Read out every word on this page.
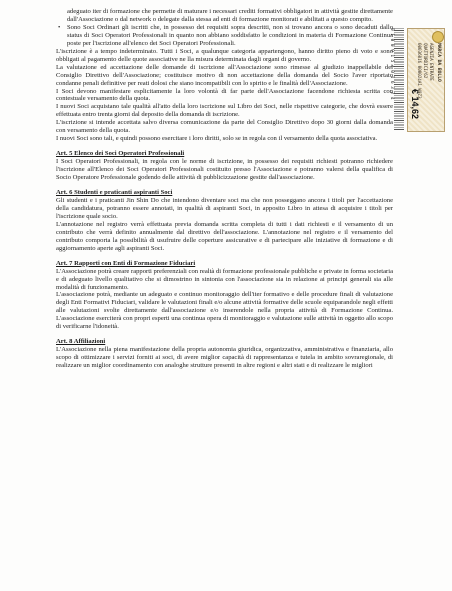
adeguato iter di formazione che permette di maturare i necessari crediti formativi obbligatori in attività gestite direttamente dall'Associazione o dal network o delegate dalla stessa ad enti di formazione monitorati e abilitati a questo compito.

• Sono Soci Ordinari gli iscritti che, in possesso dei requisiti sopra descritti, non si trovano ancora o sono decaduti dallo status di Soci Operatori Professionali in quanto non abbiano soddisfatto le condizioni in materia di Formazione Continua poste per l'iscrizione all'elenco dei Soci Operatori Professionali.

L'iscrizione è a tempo indeterminato. Tutti i Soci, a qualunque categoria appartengono, hanno diritto pieno di voto e sono obbligati al pagamento delle quote associative ne lla misura determinata dagli organi di governo.

La valutazione ed accettazione delle domande di iscrizione all'Associazione sono rimesse al giudizio inappellabile del Consiglio Direttivo dell'Associazione; costituisce motivo di non accettazione della domanda del Socio l'aver riportato condanne penali definitive per reati dolosi che siano incompatibili con lo spirito e le finalità dell'Associazione.

I Soci devono manifestare esplicitamente la loro volontà di far parte dell'Associazione facendone richiesta scritta con contestuale versamento della quota.

I nuovi Soci acquistano tale qualità all'atto della loro iscrizione sul Libro dei Soci, nelle rispettive categorie, che dovrà essere effettuata entro trenta giorni dal deposito della domanda di iscrizione.

L'iscrizione si intende accettata salvo diversa comunicazione da parte del Consiglio Direttivo dopo 30 giorni dalla domanda con versamento della quota.

I nuovi Soci sono tali, e quindi possono esercitare i loro diritti, solo se in regola con il versamento della quota associativa.

Art. 5 Elenco dei Soci Operatori Professionali

I Soci Operatori Professionali, in regola con le norme di iscrizione, in possesso dei requisiti richiesti potranno richiedere l'iscrizione all'Elenco dei Soci Operatori Professionali costituito presso l'Associazione e potranno valersi della qualifica di Socio Operatore Professionale godendo delle attività di pubblicizzazione gestite dall'associazione.

Art. 6 Studenti e praticanti aspiranti Soci

Gli studenti e i praticanti Jin Shin Do che intendono diventare soci ma che non posseggano ancora i titoli per l'accettazione della candidatura, potranno essere annotati, in qualità di aspiranti Soci, in apposito Libro in attesa di acquisire i titoli per l'iscrizione quale socio.

L'annotazione nel registro verrà effettuata previa domanda scritta completa di tutti i dati richiesti e il versamento di un contributo che verrà definito annualmente dal direttivo dell'associazione. L'annotazione nel registro e il versamento del contributo comporta la possibilità di usufruire delle coperture assicurative e di partecipare alle iniziative di formazione e di aggiornamento aperte agli aspiranti Soci.

Art. 7 Rapporti con Enti di Formazione Fiduciari

L'Associazione potrà creare rapporti preferenziali con realtà di formazione professionale pubbliche e private in forma societaria e di adeguato livello qualitativo che si dimostrino in sintonia con l'associazione sia in relazione ai principi generali sia alle modalità di funzionamento.

L'associazione potrà, mediante un adeguato e continuo monitoraggio dell'iter formativo e delle procedure finali di valutazione degli Enti Formativi Fiduciari, validare le valutazioni finali e/o alcune attività formative delle scuole equiparandole negli effetti alle valutazioni svolte direttamente dall'associazione e/o inserendole nella propria attività di Formazione Continua. L'associazione eserciterà con propri esperti una continua opera di monitoraggio e valutazione sulle attività in oggetto allo scopo di verificarne l'idoneità.

Art. 8 Affiliazioni

L'Associazione nella piena manifestazione della propria autonomia giuridica, organizzativa, amministrativa e finanziaria, allo scopo di ottimizzare i servizi forniti ai soci, di avere miglior capacità di rappresentanza e tutela in ambito sovraregionale, di realizzare un miglior coordinamento con analoghe strutture presenti in altre regioni e altri stati e di realizzare le migliori

0 1 0 0 9 1 5 4 0 1 6 3 2 4	MARCA DA BOLLO
AGENZIA ENTRATE
QUATTORDICI/62
00036016 000024A1 W9Z3
€ 14,62
